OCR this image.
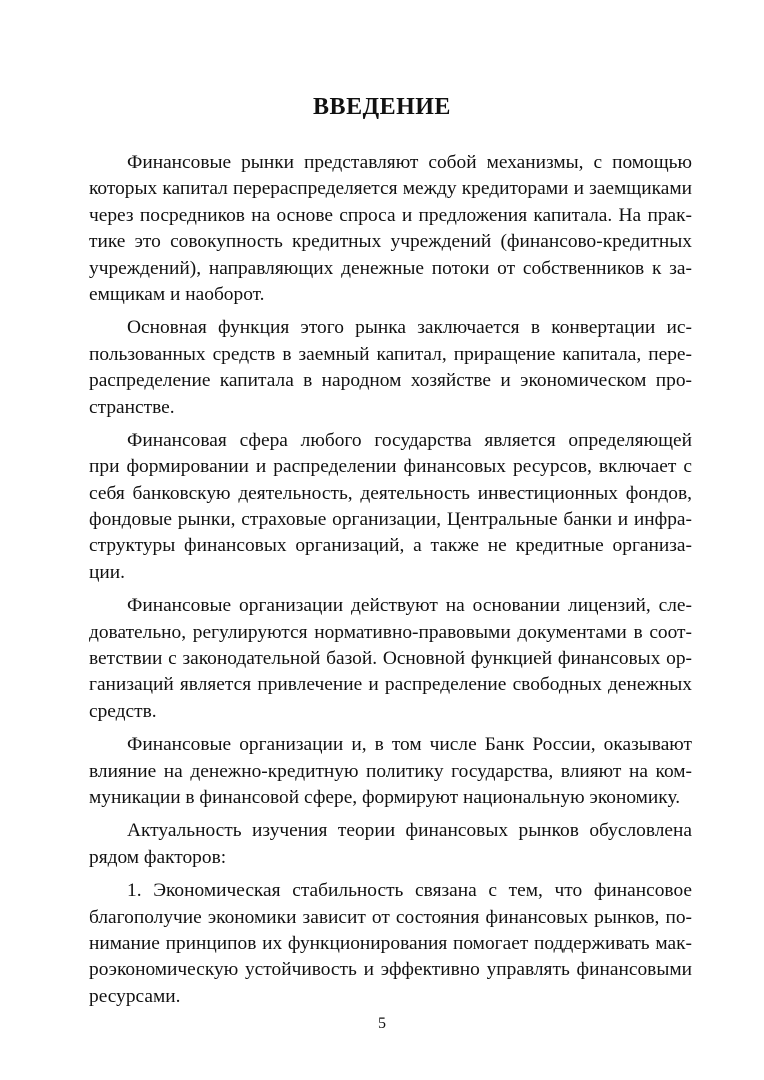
ВВЕДЕНИЕ
Финансовые рынки представляют собой механизмы, с помощью
которых капитал перераспределяется между кредиторами и заемщиками
через посредников на основе спроса и предложения капитала. На прак-
тике это совокупность кредитных учреждений (финансово-кредитных
учреждений), направляющих денежные потоки от собственников к за-
емщикам и наоборот.
Основная функция этого рынка заключается в конвертации ис-
пользованных средств в заемный капитал, приращение капитала, пере-
распределение капитала в народном хозяйстве и экономическом про-
странстве.
Финансовая сфера любого государства является определяющей
при формировании и распределении финансовых ресурсов, включает с
себя банковскую деятельность, деятельность инвестиционных фондов,
фондовые рынки, страховые организации, Центральные банки и инфра-
структуры финансовых организаций, а также не кредитные организа-
ции.
Финансовые организации действуют на основании лицензий, сле-
довательно, регулируются нормативно-правовыми документами в соот-
ветствии с законодательной базой. Основной функцией финансовых ор-
ганизаций является привлечение и распределение свободных денежных
средств.
Финансовые организации и, в том числе Банк России, оказывают
влияние на денежно-кредитную политику государства, влияют на ком-
муникации в финансовой сфере, формируют национальную экономику.
Актуальность изучения теории финансовых рынков обусловлена
рядом факторов:
1. Экономическая стабильность связана с тем, что финансовое
благополучие экономики зависит от состояния финансовых рынков, по-
нимание принципов их функционирования помогает поддерживать мак-
роэкономическую устойчивость и эффективно управлять финансовыми
ресурсами.
5
